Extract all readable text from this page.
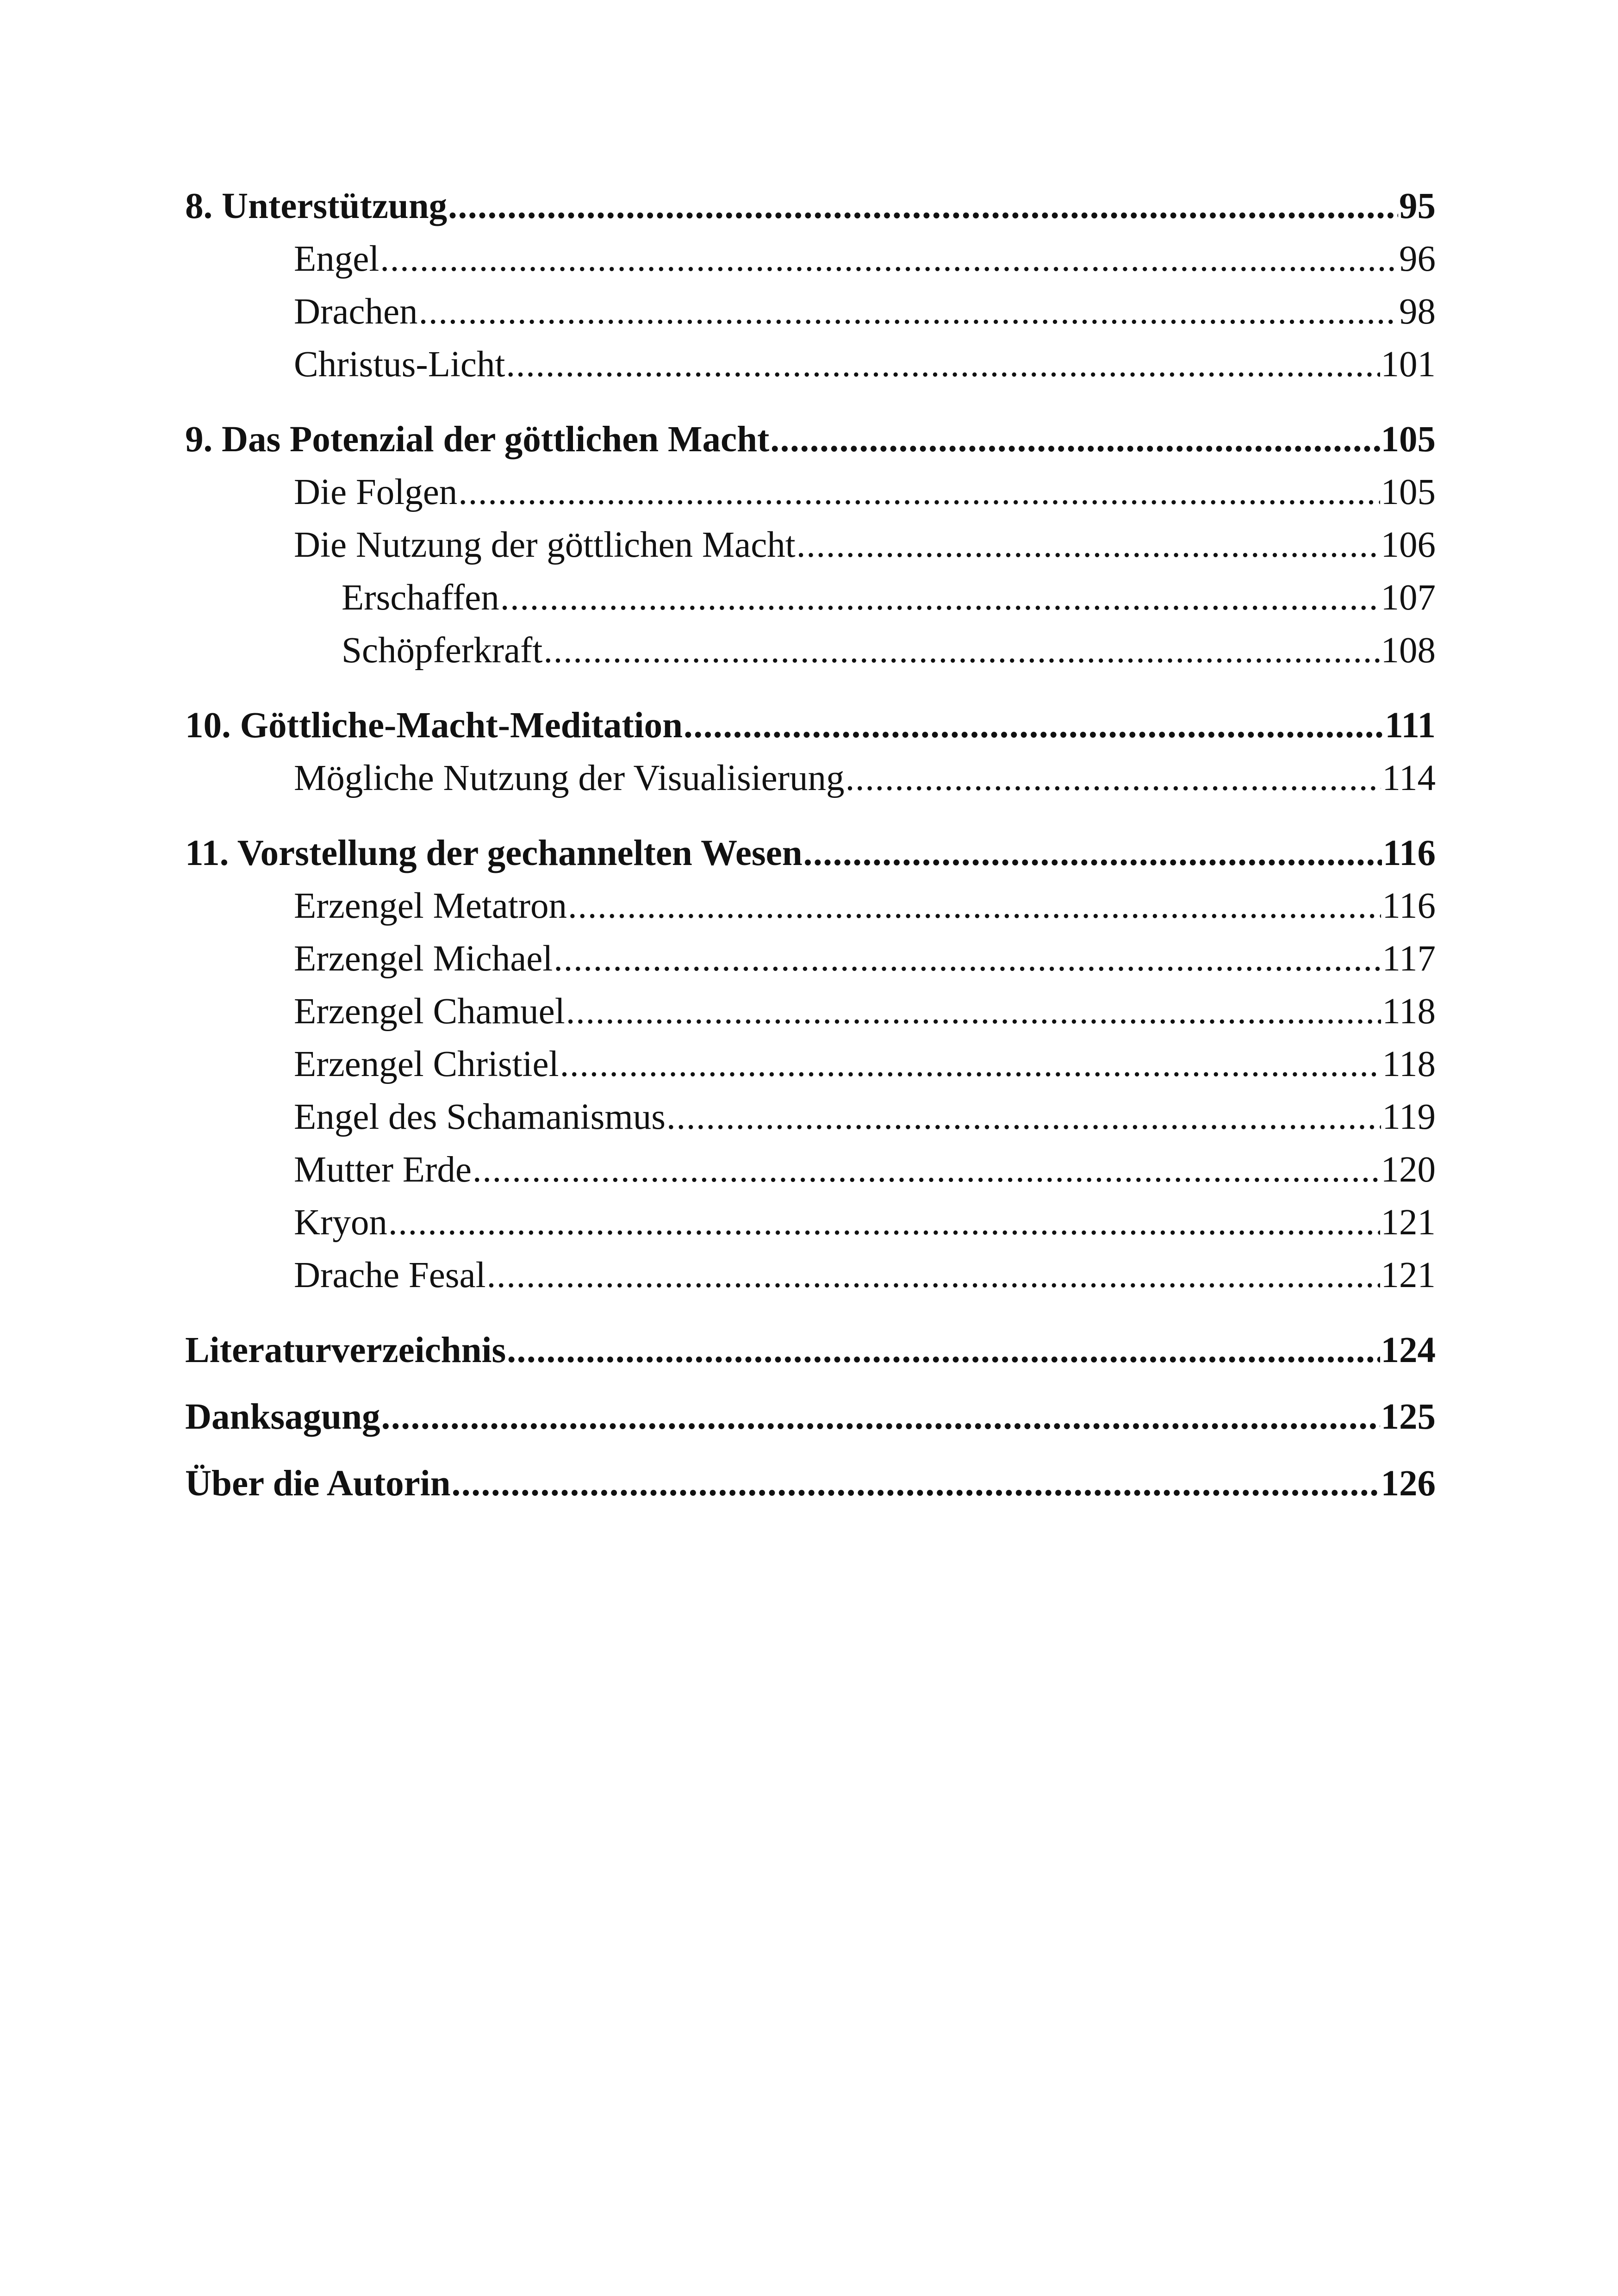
8. Unterstützung .....	95
Engel .....	96
Drachen .....	98
Christus-Licht .....	101
9. Das Potenzial der göttlichen Macht .....	105
Die Folgen .....	105
Die Nutzung der göttlichen Macht .....	106
Erschaffen .....	107
Schöpferkraft .....	108
10. Göttliche-Macht-Meditation .....	111
Mögliche Nutzung der Visualisierung .....	114
11. Vorstellung der gechannelten Wesen .....	116
Erzengel Metatron .....	116
Erzengel Michael .....	117
Erzengel Chamuel .....	118
Erzengel Christiel .....	118
Engel des Schamanismus .....	119
Mutter Erde .....	120
Kryon .....	121
Drache Fesal .....	121
Literaturverzeichnis .....	124
Danksagung .....	125
Über die Autorin .....	126
